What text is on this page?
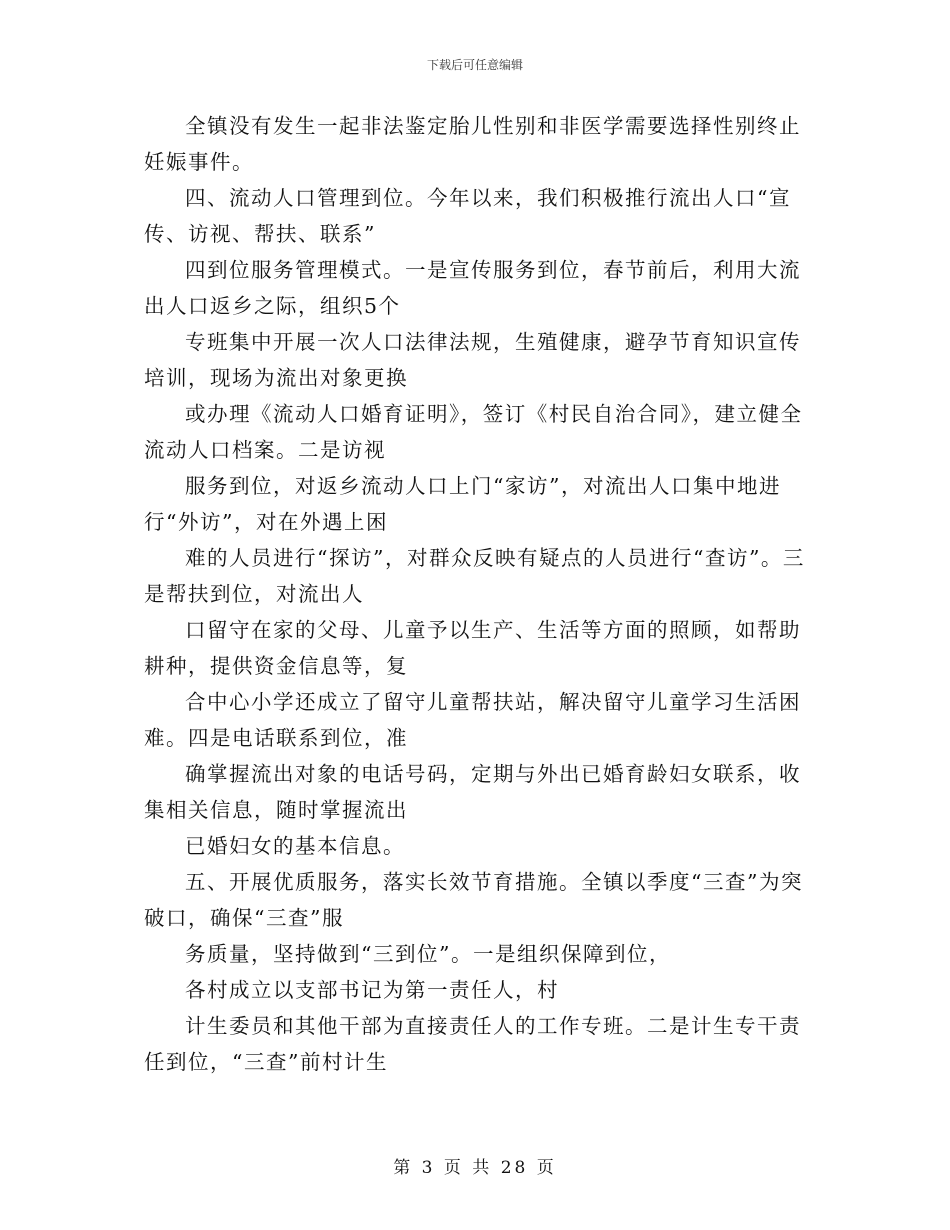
下载后可任意编辑

全镇没有发生一起非法鉴定胎儿性别和非医学需要选择性别终止妊娠事件。

四、流动人口管理到位。今年以来，我们积极推行流出人口“宣传、访视、帮扶、联系”

四到位服务管理模式。一是宣传服务到位，春节前后，利用大流出人口返乡之际，组织5个

专班集中开展一次人口法律法规，生殖健康，避孕节育知识宣传培训，现场为流出对象更换

或办理《流动人口婚育证明》，签订《村民自治合同》，建立健全流动人口档案。二是访视

服务到位，对返乡流动人口上门“家访”，对流出人口集中地进行“外访”，对在外遇上困

难的人员进行“探访”，对群众反映有疑点的人员进行“查访”。三是帮扶到位，对流出人

口留守在家的父母、儿童予以生产、生活等方面的照顾，如帮助耕种，提供资金信息等，复

合中心小学还成立了留守儿童帮扶站，解决留守儿童学习生活困难。四是电话联系到位，准

确掌握流出对象的电话号码，定期与外出已婚育龄妇女联系，收集相关信息，随时掌握流出

已婚妇女的基本信息。

五、开展优质服务，落实长效节育措施。全镇以季度“三查”为突破口，确保“三查”服

务质量，坚持做到“三到位”。一是组织保障到位，

各村成立以支部书记为第一责任人，村

计生委员和其他干部为直接责任人的工作专班。二是计生专干责任到位，“三查”前村计生

第 3 页 共 28 页
